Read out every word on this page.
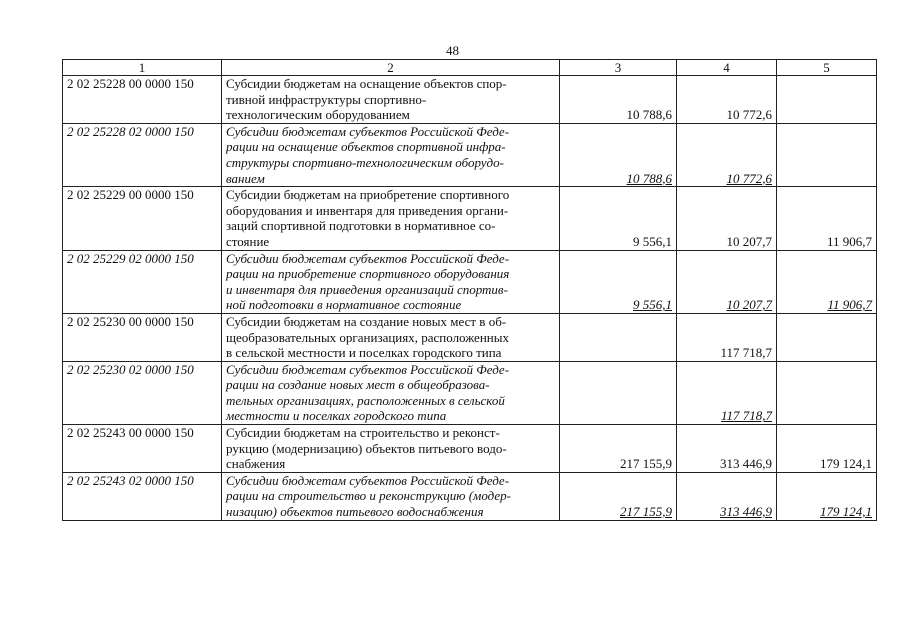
48
1	2	3	4	5
2 02 25228 00 0000 150	Субсидии бюджетам на оснащение объектов спор-
тивной инфраструктуры спортивно-
технологическим оборудованием	10 788,6	10 772,6	
2 02 25228 02 0000 150	Субсидии бюджетам субъектов Российской Феде-
рации на оснащение объектов спортивной инфра-
структуры спортивно-технологическим оборудо-
ванием	10 788,6	10 772,6	
2 02 25229 00 0000 150	Субсидии бюджетам на приобретение спортивного
оборудования и инвентаря для приведения органи-
заций спортивной подготовки в нормативное со-
стояние	9 556,1	10 207,7	11 906,7
2 02 25229 02 0000 150	Субсидии бюджетам субъектов Российской Феде-
рации на приобретение спортивного оборудования
и инвентаря для приведения организаций спортив-
ной подготовки в нормативное состояние	9 556,1	10 207,7	11 906,7
2 02 25230 00 0000 150	Субсидии бюджетам на создание новых мест в об-
щеобразовательных организациях, расположенных
в сельской местности и поселках городского типа		117 718,7	
2 02 25230 02 0000 150	Субсидии бюджетам субъектов Российской Феде-
рации на создание новых мест в общеобразова-
тельных организациях, расположенных в сельской
местности и поселках городского типа		117 718,7	
2 02 25243 00 0000 150	Субсидии бюджетам на строительство и реконст-
рукцию (модернизацию) объектов питьевого водо-
снабжения	217 155,9	313 446,9	179 124,1
2 02 25243 02 0000 150	Субсидии бюджетам субъектов Российской Феде-
рации на строительство и реконструкцию (модер-
низацию) объектов питьевого водоснабжения	217 155,9	313 446,9	179 124,1
